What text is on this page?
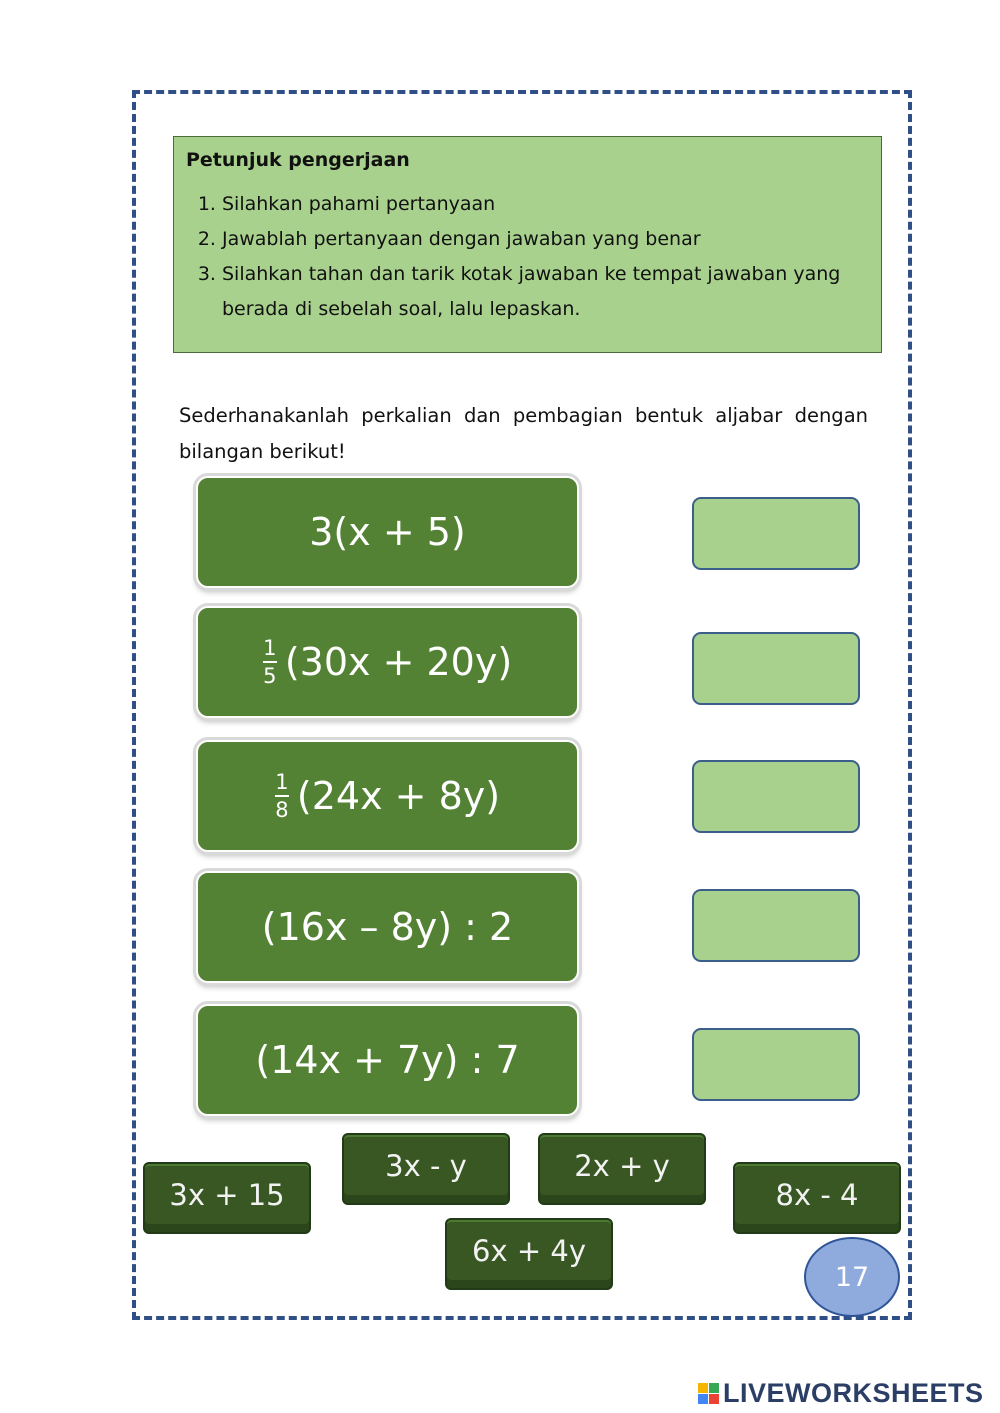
Petunjuk pengerjaan
1. Silahkan pahami pertanyaan
2. Jawablah pertanyaan dengan jawaban yang benar
3. Silahkan tahan dan tarik kotak jawaban ke tempat jawaban yang berada di sebelah soal, lalu lepaskan.
Sederhanakanlah perkalian dan pembagian bentuk aljabar dengan bilangan berikut!
3(x + 5)
$\frac{1}{5} (30x + 20y)$
$\frac{1}{8} (24x + 8y)$
(16x – 8y) : 2
(14x + 7y) : 7
3x + 15
3x - y	2x + y
8x - 4
6x + 4y
17
LIVEWORKSHEETS
